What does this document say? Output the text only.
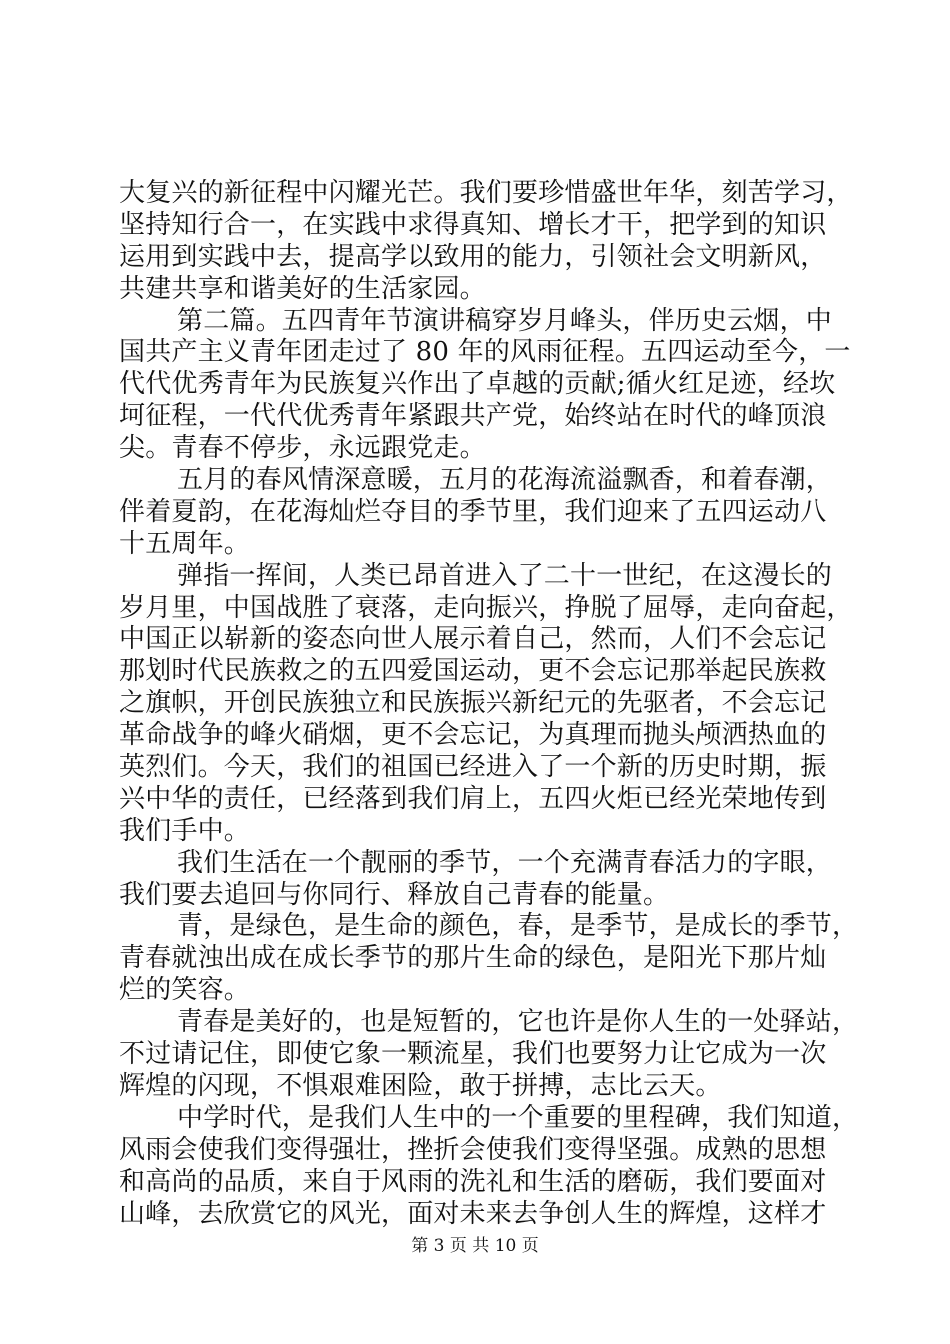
大复兴的新征程中闪耀光芒。我们要珍惜盛世年华，刻苦学习，
坚持知行合一，在实践中求得真知、增长才干，把学到的知识
运用到实践中去，提高学以致用的能力，引领社会文明新风，
共建共享和谐美好的生活家园。
第二篇。五四青年节演讲稿穿岁月峰头，伴历史云烟，中
国共产主义青年团走过了 80 年的风雨征程。五四运动至今，一
代代优秀青年为民族复兴作出了卓越的贡献;循火红足迹，经坎
坷征程，一代代优秀青年紧跟共产党，始终站在时代的峰顶浪
尖。青春不停步，永远跟党走。
五月的春风情深意暖，五月的花海流溢飘香，和着春潮，
伴着夏韵，在花海灿烂夺目的季节里，我们迎来了五四运动八
十五周年。
弹指一挥间，人类已昂首进入了二十一世纪，在这漫长的
岁月里，中国战胜了衰落，走向振兴，挣脱了屈辱，走向奋起，
中国正以崭新的姿态向世人展示着自己，然而，人们不会忘记
那划时代民族救之的五四爱国运动，更不会忘记那举起民族救
之旗帜，开创民族独立和民族振兴新纪元的先驱者，不会忘记
革命战争的峰火硝烟，更不会忘记，为真理而抛头颅洒热血的
英烈们。今天，我们的祖国已经进入了一个新的历史时期，振
兴中华的责任，已经落到我们肩上，五四火炬已经光荣地传到
我们手中。
我们生活在一个靓丽的季节，一个充满青春活力的字眼，
我们要去追回与你同行、释放自己青春的能量。
青，是绿色，是生命的颜色，春，是季节，是成长的季节，
青春就浊出成在成长季节的那片生命的绿色，是阳光下那片灿
烂的笑容。
青春是美好的，也是短暂的，它也许是你人生的一处驿站，
不过请记住，即使它象一颗流星，我们也要努力让它成为一次
辉煌的闪现，不惧艰难困险，敢于拼搏，志比云天。
中学时代，是我们人生中的一个重要的里程碑，我们知道，
风雨会使我们变得强壮，挫折会使我们变得坚强。成熟的思想
和高尚的品质，来自于风雨的洗礼和生活的磨砺，我们要面对
山峰，去欣赏它的风光，面对未来去争创人生的辉煌，这样才
第 3 页 共 10 页
